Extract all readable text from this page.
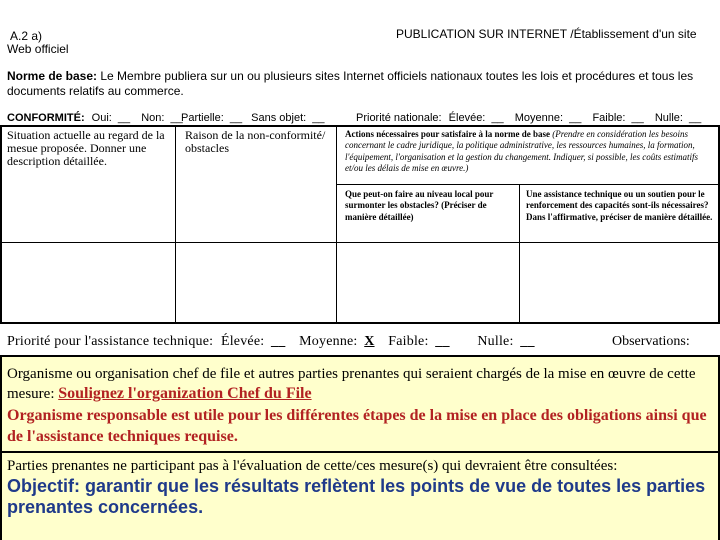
A.2 a)
Web officiel
PUBLICATION SUR INTERNET /Établissement d'un site
Norme de base: Le Membre publiera sur un ou plusieurs sites Internet officiels nationaux toutes les lois et procédures et tous les documents relatifs au commerce.
CONFORMITÉ: Oui: __ Non: __
Partielle: __ Sans objet: __	Priorité nationale: Élevée: __ Moyenne: __ Faible: __ Nulle: __
Situation actuelle au regard de la mesue proposée. Donner une description détaillée.
Raison de la non-conformité/ obstacles
Actions nécessaires pour satisfaire à la norme de base (Prendre en considération les besoins concernant le cadre juridique, la politique administrative, les ressources humaines, la formation, l'équipement, l'organisation et la gestion du changement. Indiquer, si possible, les coûts estimatifs et/ou les délais de mise en œuvre.)
Que peut-on faire au niveau local pour surmonter les obstacles? (Préciser de manière détaillée)
Une assistance technique ou un soutien pour le renforcement des capacités sont-ils nécessaires? Dans l'affirmative, préciser de manière détaillée.
Priorité pour l'assistance technique: Élevée: __ Moyenne: X Faible: __ Nulle: __	Observations:
Organisme ou organisation chef de file et autres parties prenantes qui seraient chargés de la mise en œuvre de cette mesure: Soulignez l'organization Chef du File
Organisme responsable est utile pour les différentes étapes de la mise en place des obligations ainsi que de l'assistance techniques requise.
Parties prenantes ne participant pas à l'évaluation de cette/ces mesure(s) qui devraient être consultées:
Objectif: garantir que les résultats reflètent les points de vue de toutes les parties prenantes concernées.
